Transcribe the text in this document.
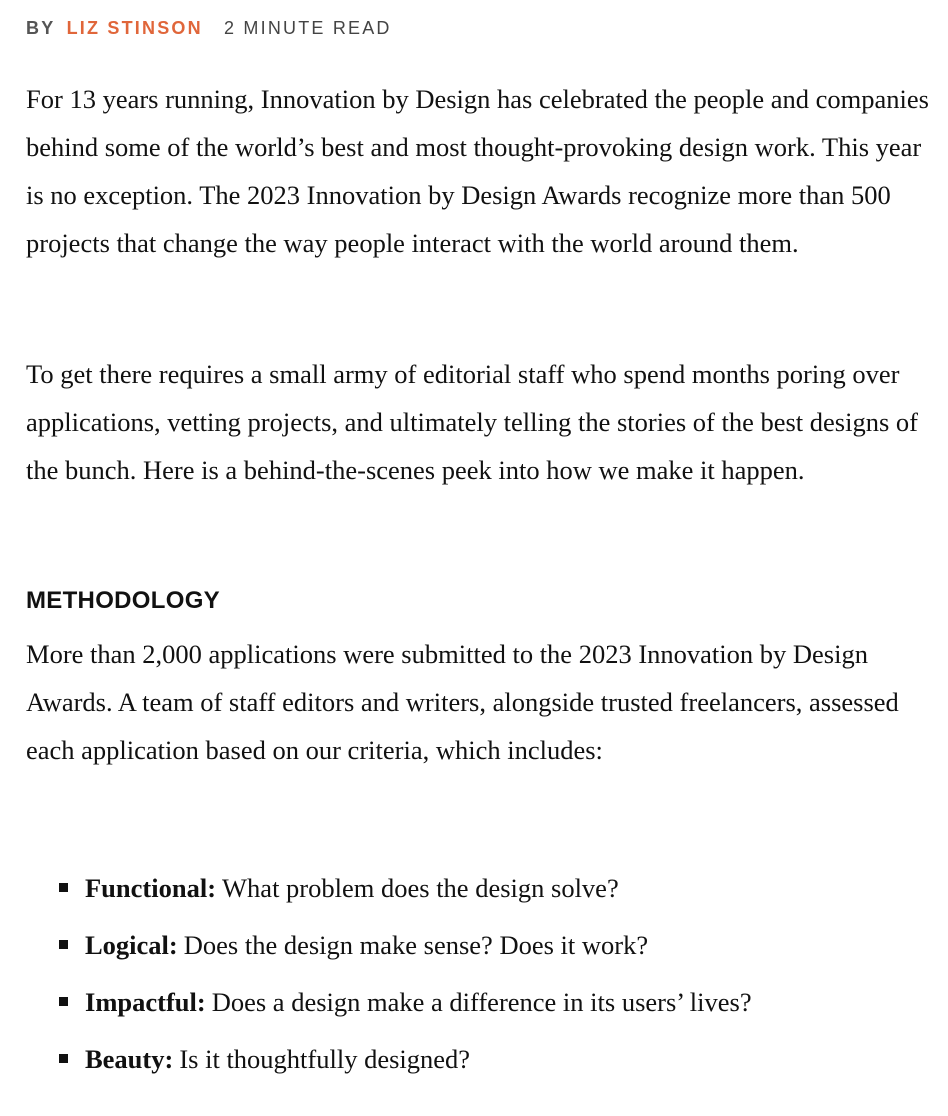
BY LIZ STINSON 2 MINUTE READ

For 13 years running, Innovation by Design has celebrated the people and companies behind some of the world’s best and most thought-provoking design work. This year is no exception. The 2023 Innovation by Design Awards recognize more than 500 projects that change the way people interact with the world around them.

To get there requires a small army of editorial staff who spend months poring over applications, vetting projects, and ultimately telling the stories of the best designs of the bunch. Here is a behind-the-scenes peek into how we make it happen.

METHODOLOGY

More than 2,000 applications were submitted to the 2023 Innovation by Design Awards. A team of staff editors and writers, alongside trusted freelancers, assessed each application based on our criteria, which includes:

Functional: What problem does the design solve?
Logical: Does the design make sense? Does it work?
Impactful: Does a design make a difference in its users’ lives?
Beauty: Is it thoughtfully designed?
